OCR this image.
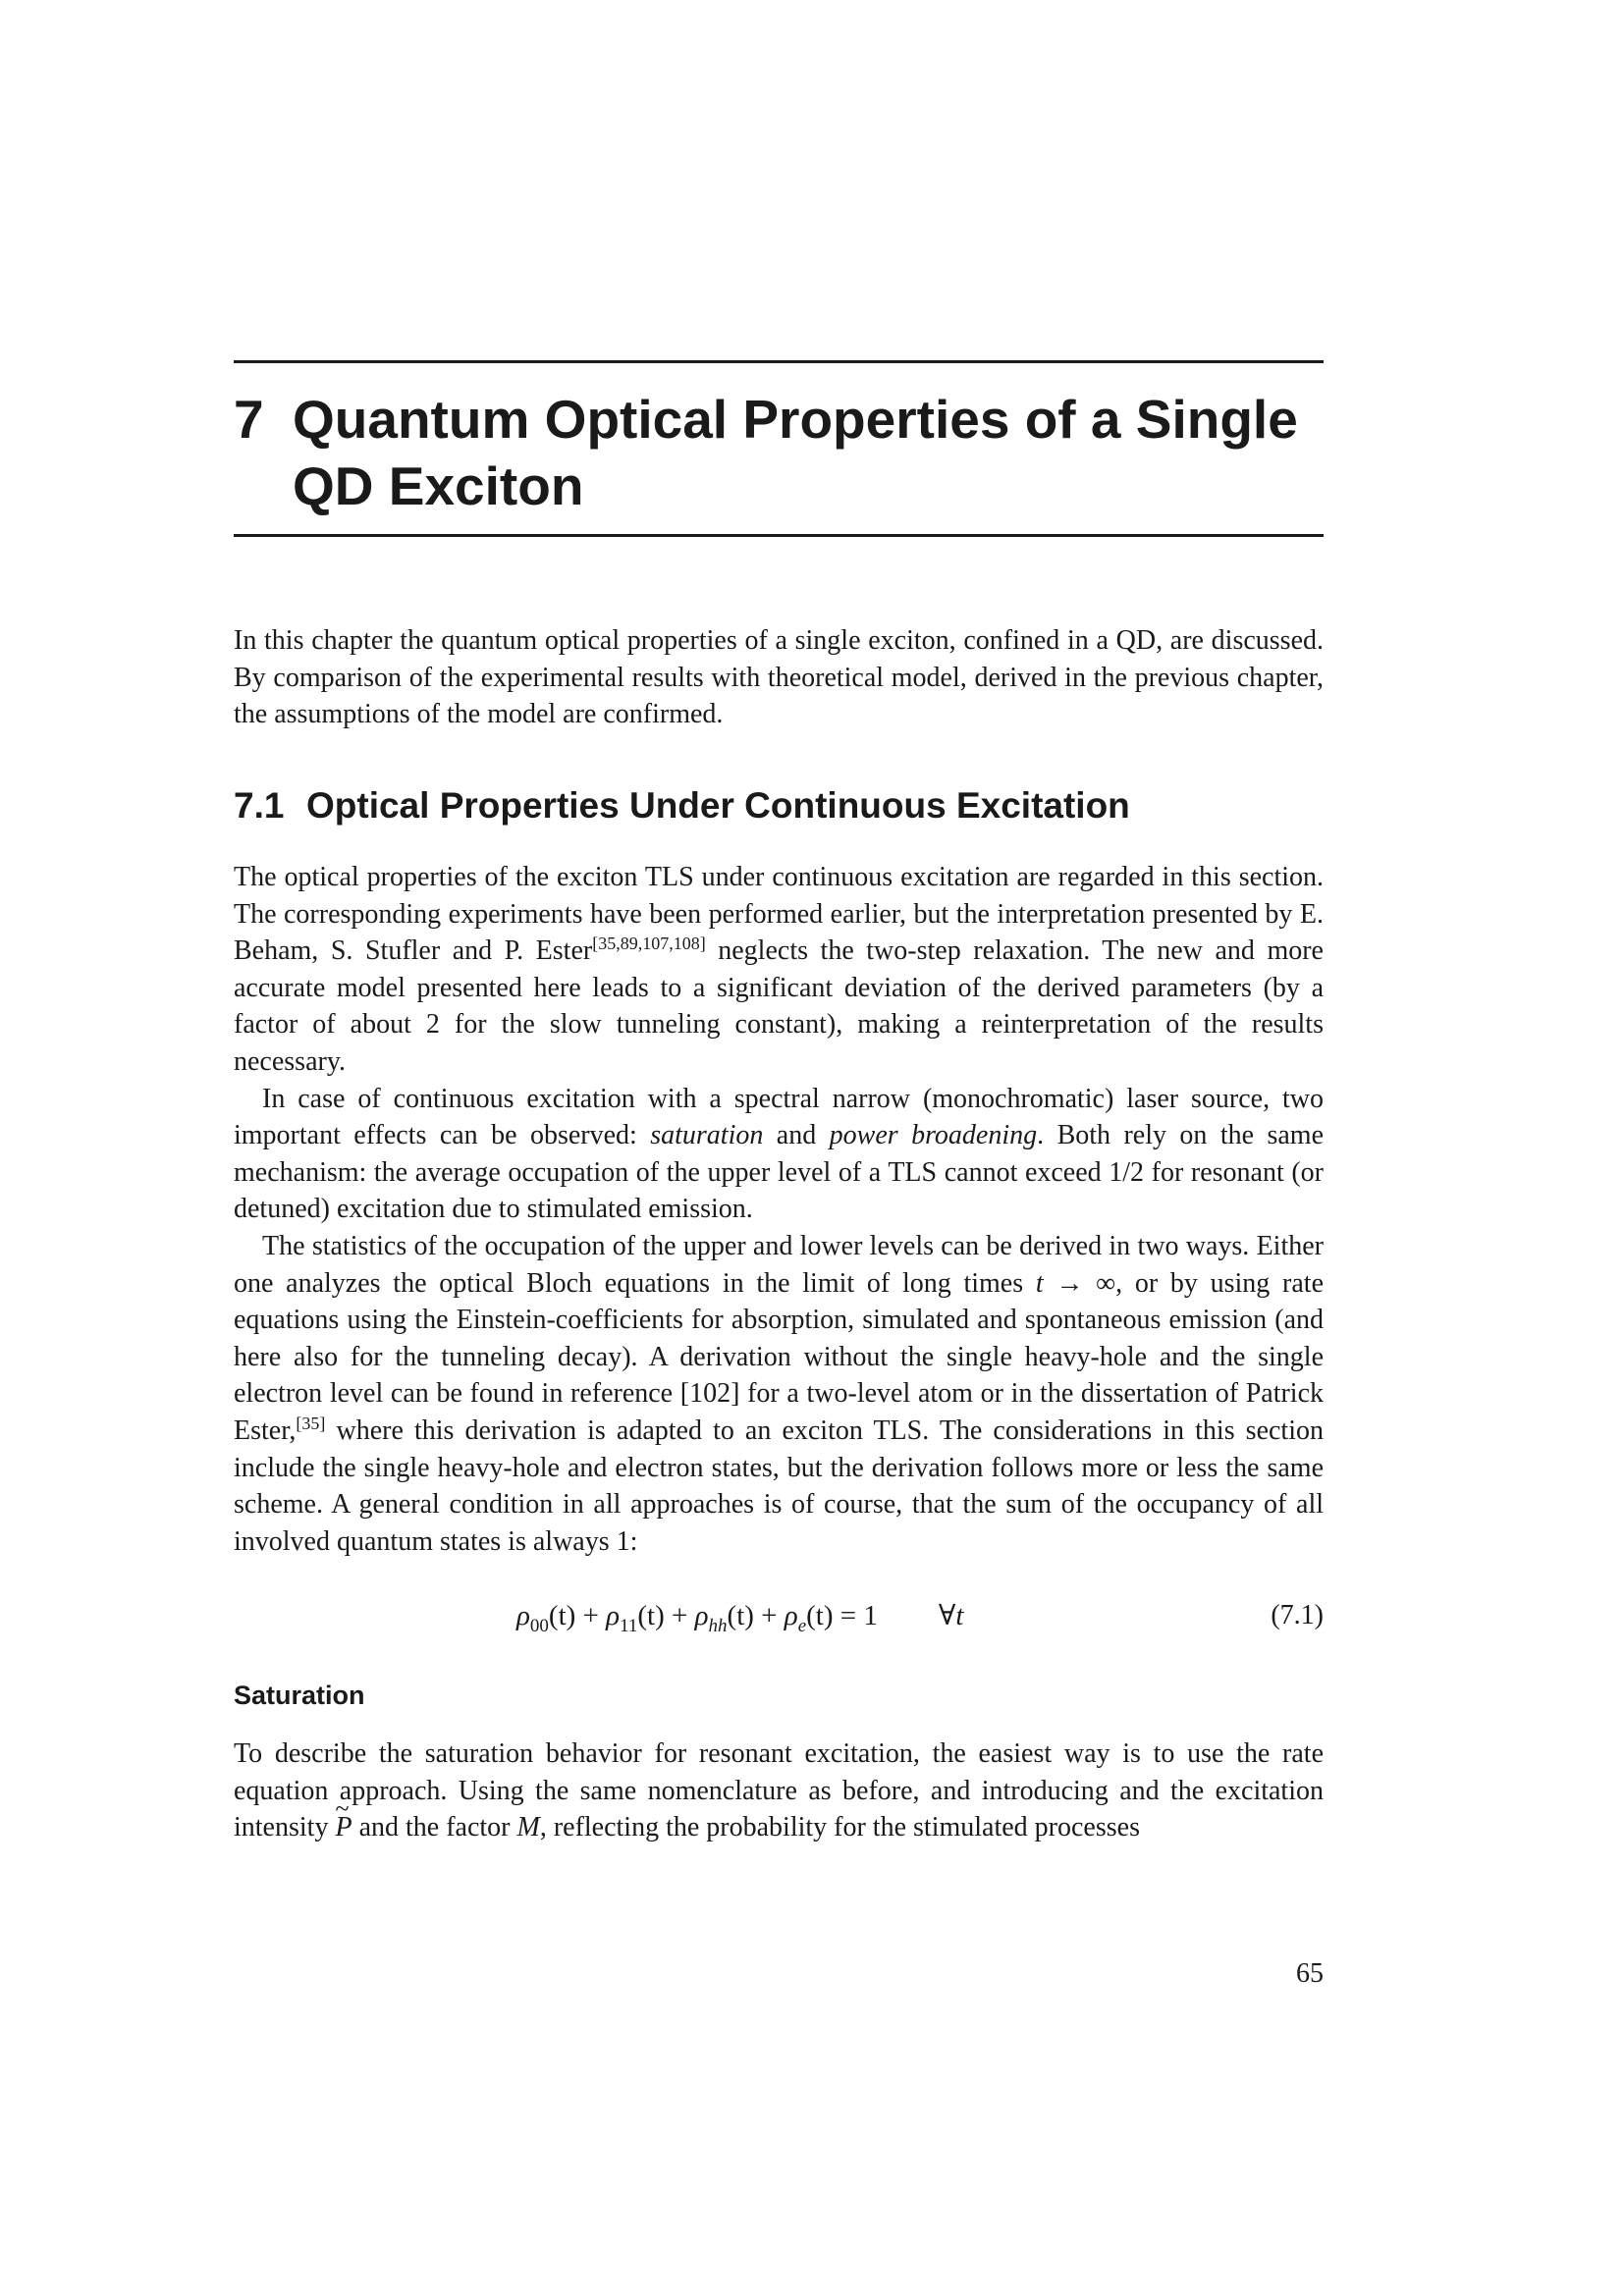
7 Quantum Optical Properties of a Single QD Exciton

In this chapter the quantum optical properties of a single exciton, confined in a QD, are discussed. By comparison of the experimental results with theoretical model, derived in the previous chapter, the assumptions of the model are confirmed.

7.1 Optical Properties Under Continuous Excitation

The optical properties of the exciton TLS under continuous excitation are regarded in this section. The corresponding experiments have been performed earlier, but the interpretation presented by E. Beham, S. Stufler and P. Ester[35,89,107,108] neglects the two-step relaxation. The new and more accurate model presented here leads to a significant deviation of the derived parameters (by a factor of about 2 for the slow tunneling constant), making a reinterpretation of the results necessary.

In case of continuous excitation with a spectral narrow (monochromatic) laser source, two important effects can be observed: saturation and power broadening. Both rely on the same mechanism: the average occupation of the upper level of a TLS cannot exceed 1/2 for resonant (or detuned) excitation due to stimulated emission.

The statistics of the occupation of the upper and lower levels can be derived in two ways. Either one analyzes the optical Bloch equations in the limit of long times t → ∞, or by using rate equations using the Einstein-coefficients for absorption, simulated and spontaneous emission (and here also for the tunneling decay). A derivation without the single heavy-hole and the single electron level can be found in reference [102] for a two-level atom or in the dissertation of Patrick Ester,[35] where this derivation is adapted to an exciton TLS. The considerations in this section include the single heavy-hole and electron states, but the derivation follows more or less the same scheme. A general condition in all approaches is of course, that the sum of the occupancy of all involved quantum states is always 1:

$\rho_{00}(t) + \rho_{11}(t) + \rho_{hh}(t) + \rho_e(t) = 1$ ∀t	(7.1)
Saturation

To describe the saturation behavior for resonant excitation, the easiest way is to use the rate equation approach. Using the same nomenclature as before, and introducing and the excitation intensity ~ P and the factor M, reflecting the probability for the stimulated processes

65
